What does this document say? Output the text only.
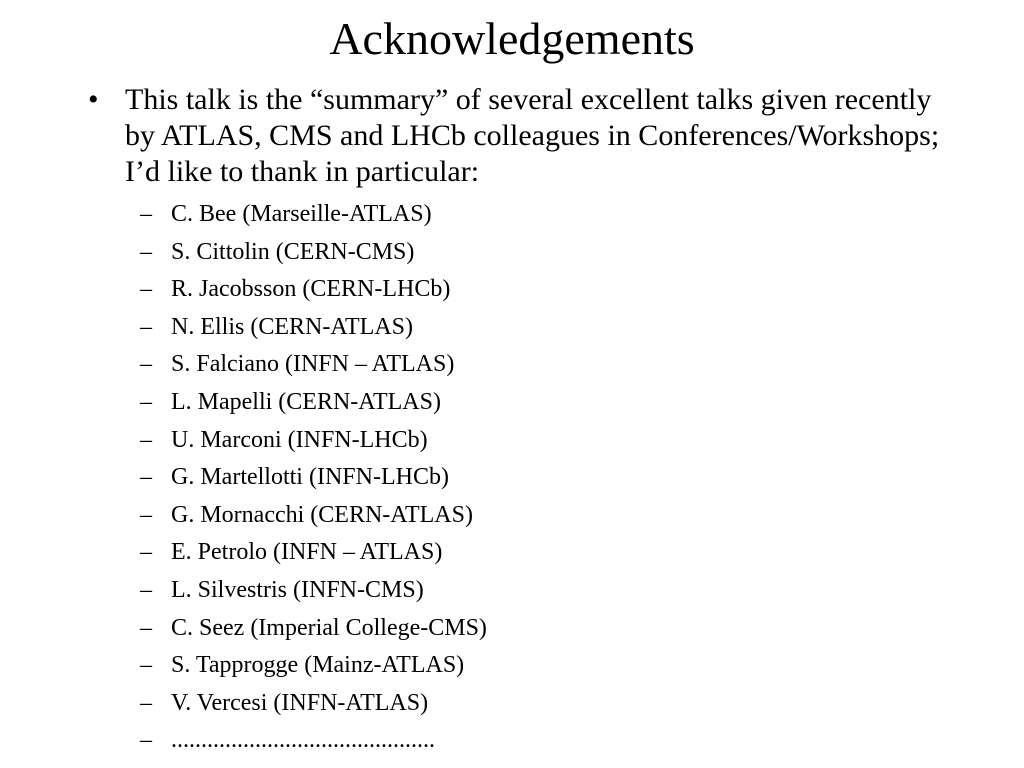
Acknowledgements
• This talk is the “summary” of several excellent talks given recently by ATLAS, CMS and LHCb colleagues in Conferences/Workshops; I’d like to thank in particular:
– C. Bee (Marseille-ATLAS)
– S. Cittolin (CERN-CMS)
– R. Jacobsson (CERN-LHCb)
– N. Ellis (CERN-ATLAS)
– S. Falciano (INFN – ATLAS)
– L. Mapelli (CERN-ATLAS)
– U. Marconi (INFN-LHCb)
– G. Martellotti (INFN-LHCb)
– G. Mornacchi (CERN-ATLAS)
– E. Petrolo (INFN – ATLAS)
– L. Silvestris (INFN-CMS)
– C. Seez (Imperial College-CMS)
– S. Tapprogge (Mainz-ATLAS)
– V. Vercesi (INFN-ATLAS)
– ............................................
